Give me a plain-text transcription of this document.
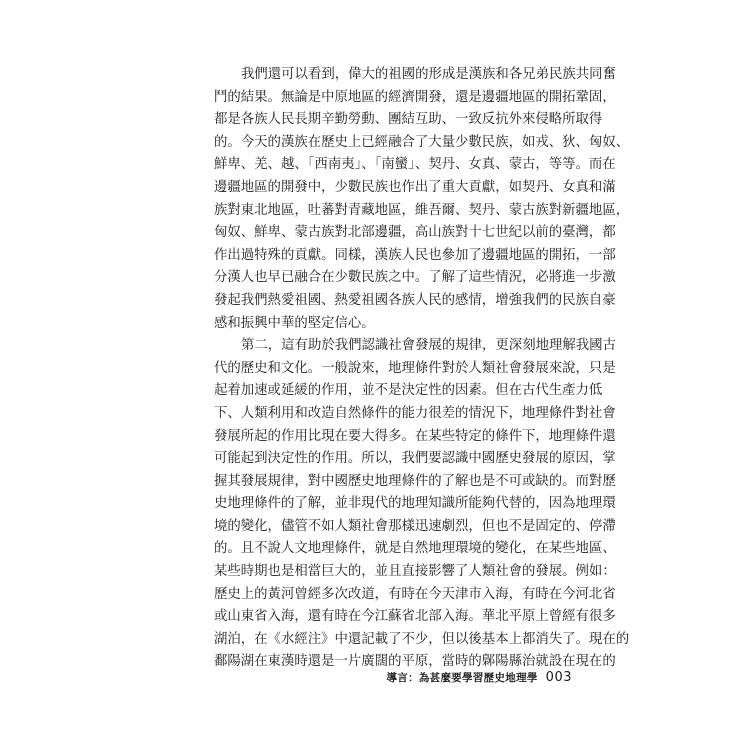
我們還可以看到，偉大的祖國的形成是漢族和各兄弟民族共同奮
鬥的結果。無論是中原地區的經濟開發，還是邊疆地區的開拓鞏固，
都是各族人民長期辛勤勞動、團結互助、一致反抗外來侵略所取得
的。今天的漢族在歷史上已經融合了大量少數民族，如戎、狄、匈奴、
鮮卑、羌、越、「西南夷」、「南蠻」、契丹、女真、蒙古，等等。而在
邊疆地區的開發中，少數民族也作出了重大貢獻，如契丹、女真和滿
族對東北地區，吐蕃對青藏地區，維吾爾、契丹、蒙古族對新疆地區，
匈奴、鮮卑、蒙古族對北部邊疆，高山族對十七世紀以前的臺灣，都
作出過特殊的貢獻。同樣，漢族人民也參加了邊疆地區的開拓，一部
分漢人也早已融合在少數民族之中。了解了這些情況，必將進一步激
發起我們熱愛祖國、熱愛祖國各族人民的感情，增強我們的民族自豪
感和振興中華的堅定信心。
第二，這有助於我們認識社會發展的規律，更深刻地理解我國古
代的歷史和文化。一般說來，地理條件對於人類社會發展來說，只是
起着加速或延緩的作用，並不是決定性的因素。但在古代生產力低
下、人類利用和改造自然條件的能力很差的情況下，地理條件對社會
發展所起的作用比現在要大得多。在某些特定的條件下，地理條件還
可能起到決定性的作用。所以，我們要認識中國歷史發展的原因，掌
握其發展規律，對中國歷史地理條件的了解也是不可或缺的。而對歷
史地理條件的了解，並非現代的地理知識所能夠代替的，因為地理環
境的變化，儘管不如人類社會那樣迅速劇烈，但也不是固定的、停滯
的。且不說人文地理條件，就是自然地理環境的變化，在某些地區、
某些時期也是相當巨大的，並且直接影響了人類社會的發展。例如：
歷史上的黃河曾經多次改道，有時在今天津市入海，有時在今河北省
或山東省入海，還有時在今江蘇省北部入海。華北平原上曾經有很多
湖泊，在《水經注》中還記載了不少，但以後基本上都消失了。現在的
鄱陽湖在東漢時還是一片廣闊的平原，當時的鄡陽縣治就設在現在的
導言：為甚麼要學習歷史地理學 003
